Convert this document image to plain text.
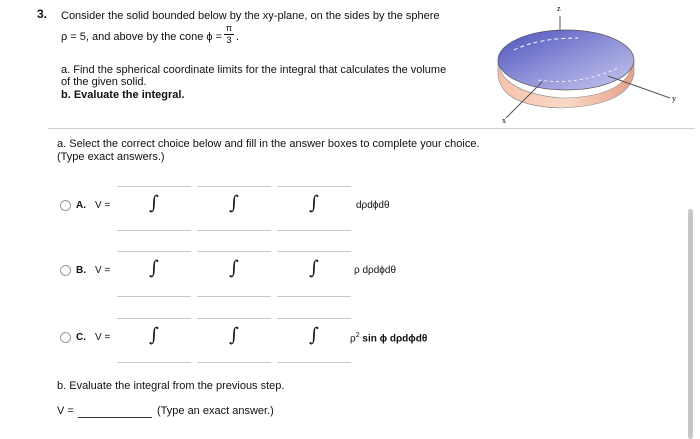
3. Consider the solid bounded below by the xy-plane, on the sides by the sphere
ρ = 5, and above by the cone ϕ =
π
3 .
a. Find the spherical coordinate limits for the integral that calculates the volume
of the given solid.
b. Evaluate the integral.
z
y
x
a. Select the correct choice below and fill in the answer boxes to complete your choice.
(Type exact answers.)
A. V = ∫	∫	∫	dρdϕdθ
B. V = ∫	∫	∫	ρ dρdϕdθ
C. V = ∫	∫	∫	$\rho^2$ sin ϕ dρdϕdθ
b. Evaluate the integral from the previous step.
V =	(Type an exact answer.)
